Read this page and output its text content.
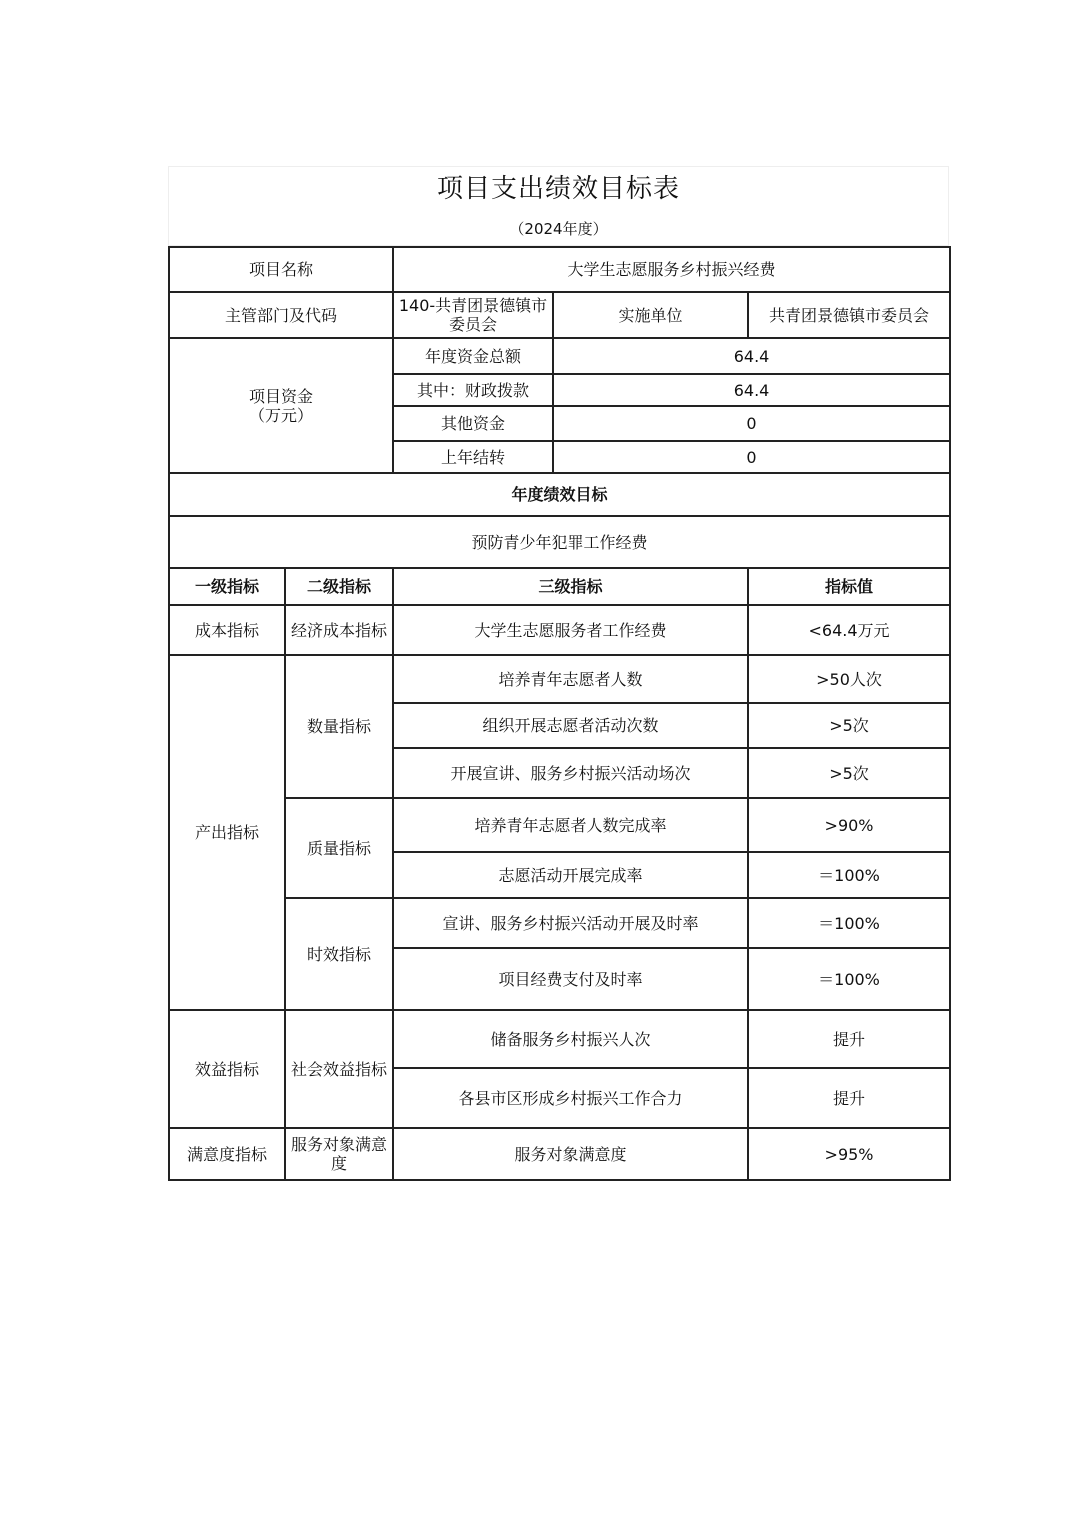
项目支出绩效目标表
（2024年度）
项目名称		大学生志愿服务乡村振兴经费		
主管部门及代码		140-共青团景德镇市委员会	实施单位	共青团景德镇市委员会

项目资金
（万元）		年度资金总额	64.4	
		其中：财政拨款	64.4	
		其他资金	0	
		上年结转	0	
年度绩效目标				
预防青少年犯罪工作经费				
一级指标	二级指标	三级指标		指标值
成本指标	经济成本指标	大学生志愿服务者工作经费		<64.4万元
产出指标	数量指标	培养青年志愿者人数		>50人次
		组织开展志愿者活动次数		>5次
		开展宣讲、服务乡村振兴活动场次		>5次
	质量指标	培养青年志愿者人数完成率		>90%
		志愿活动开展完成率		＝100%
	时效指标	宣讲、服务乡村振兴活动开展及时率		＝100%
		项目经费支付及时率		＝100%
效益指标	社会效益指标	储备服务乡村振兴人次		提升
		各县市区形成乡村振兴工作合力		提升
满意度指标	服务对象满意度	服务对象满意度		>95%
